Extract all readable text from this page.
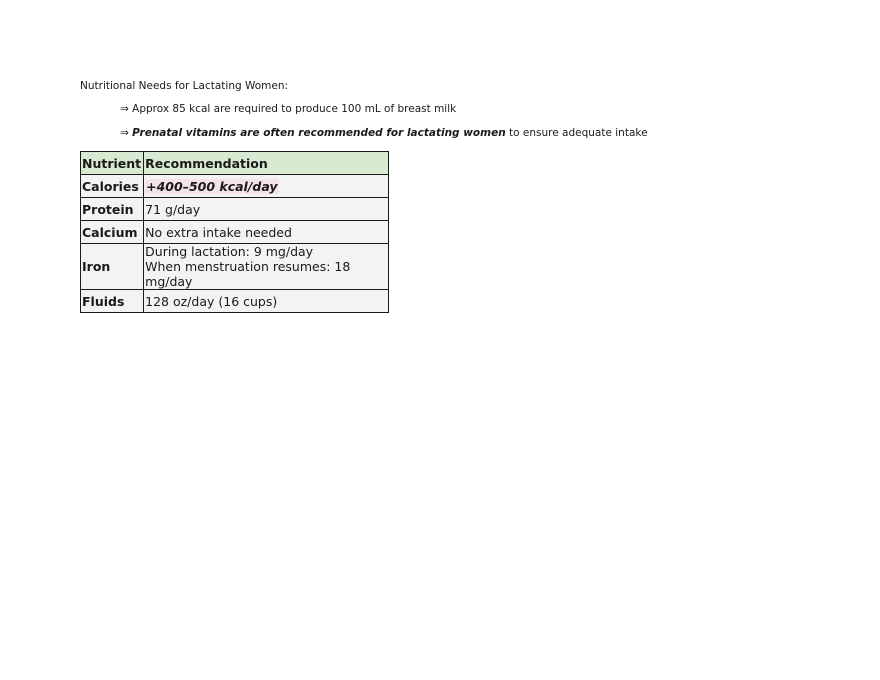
Nutritional Needs for Lactating Women:
⇒ Approx 85 kcal are required to produce 100 mL of breast milk
⇒ Prenatal vitamins are often recommended for lactating women to ensure adequate intake
Nutrient	Recommendation
Calories	+400–500 kcal/day
Protein	71 g/day
Calcium	No extra intake needed
Iron	During lactation: 9 mg/day
When menstruation resumes: 18 mg/day

Fluids	128 oz/day (16 cups)
